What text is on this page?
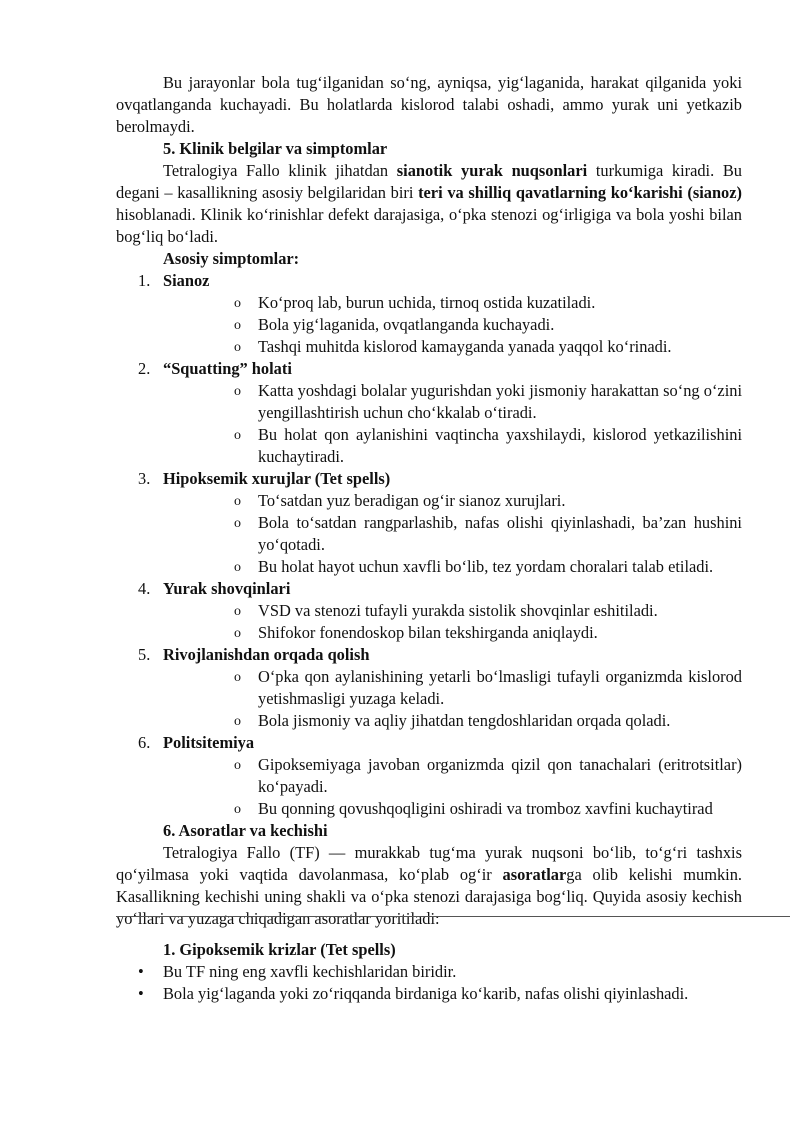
Bu jarayonlar bola tug‘ilganidan so‘ng, ayniqsa, yig‘laganida, harakat qilganida yoki ovqatlanganda kuchayadi. Bu holatlarda kislorod talabi oshadi, ammo yurak uni yetkazib berolmaydi.

5. Klinik belgilar va simptomlar

Tetralogiya Fallo klinik jihatdan sianotik yurak nuqsonlari turkumiga kiradi. Bu degani – kasallikning asosiy belgilaridan biri teri va shilliq qavatlarning ko‘karishi (sianoz) hisoblanadi. Klinik ko‘rinishlar defekt darajasiga, o‘pka stenozi og‘irligiga va bola yoshi bilan bog‘liq bo‘ladi.

Asosiy simptomlar:

1. Sianoz
o Ko‘proq lab, burun uchida, tirnoq ostida kuzatiladi.
o Bola yig‘laganida, ovqatlanganda kuchayadi.
o Tashqi muhitda kislorod kamayganda yanada yaqqol ko‘rinadi.
2. “Squatting” holati
o Katta yoshdagi bolalar yugurishdan yoki jismoniy harakattan so‘ng o‘zini yengillashtirish uchun cho‘kkalab o‘tiradi.
o Bu holat qon aylanishini vaqtincha yaxshilaydi, kislorod yetkazilishini kuchaytiradi.
3. Hipoksemik xurujlar (Tet spells)
o To‘satdan yuz beradigan og‘ir sianoz xurujlari.
o Bola to‘satdan rangparlashib, nafas olishi qiyinlashadi, ba’zan hushini yo‘qotadi.
o Bu holat hayot uchun xavfli bo‘lib, tez yordam choralari talab etiladi.
4. Yurak shovqinlari
o VSD va stenozi tufayli yurakda sistolik shovqinlar eshitiladi.
o Shifokor fonendoskop bilan tekshirganda aniqlaydi.
5. Rivojlanishdan orqada qolish
o O‘pka qon aylanishining yetarli bo‘lmasligi tufayli organizmda kislorod yetishmasligi yuzaga keladi.
o Bola jismoniy va aqliy jihatdan tengdoshlaridan orqada qoladi.
6. Politsitemiya
o Gipoksemiyaga javoban organizmda qizil qon tanachalari (eritrotsitlar) ko‘payadi.
o Bu qonning qovushqoqligini oshiradi va tromboz xavfini kuchaytirad

6. Asoratlar va kechishi

Tetralogiya Fallo (TF) — murakkab tug‘ma yurak nuqsoni bo‘lib, to‘g‘ri tashxis qo‘yilmasa yoki vaqtida davolanmasa, ko‘plab og‘ir asoratlarga olib kelishi mumkin. Kasallikning kechishi uning shakli va o‘pka stenozi darajasiga bog‘liq. Quyida asosiy kechish yo‘llari va yuzaga chiqadigan asoratlar yoritiladi:

1. Gipoksemik krizlar (Tet spells)

• Bu TF ning eng xavfli kechishlaridan biridir.
• Bola yig‘laganda yoki zo‘riqqanda birdaniga ko‘karib, nafas olishi qiyinlashadi.
